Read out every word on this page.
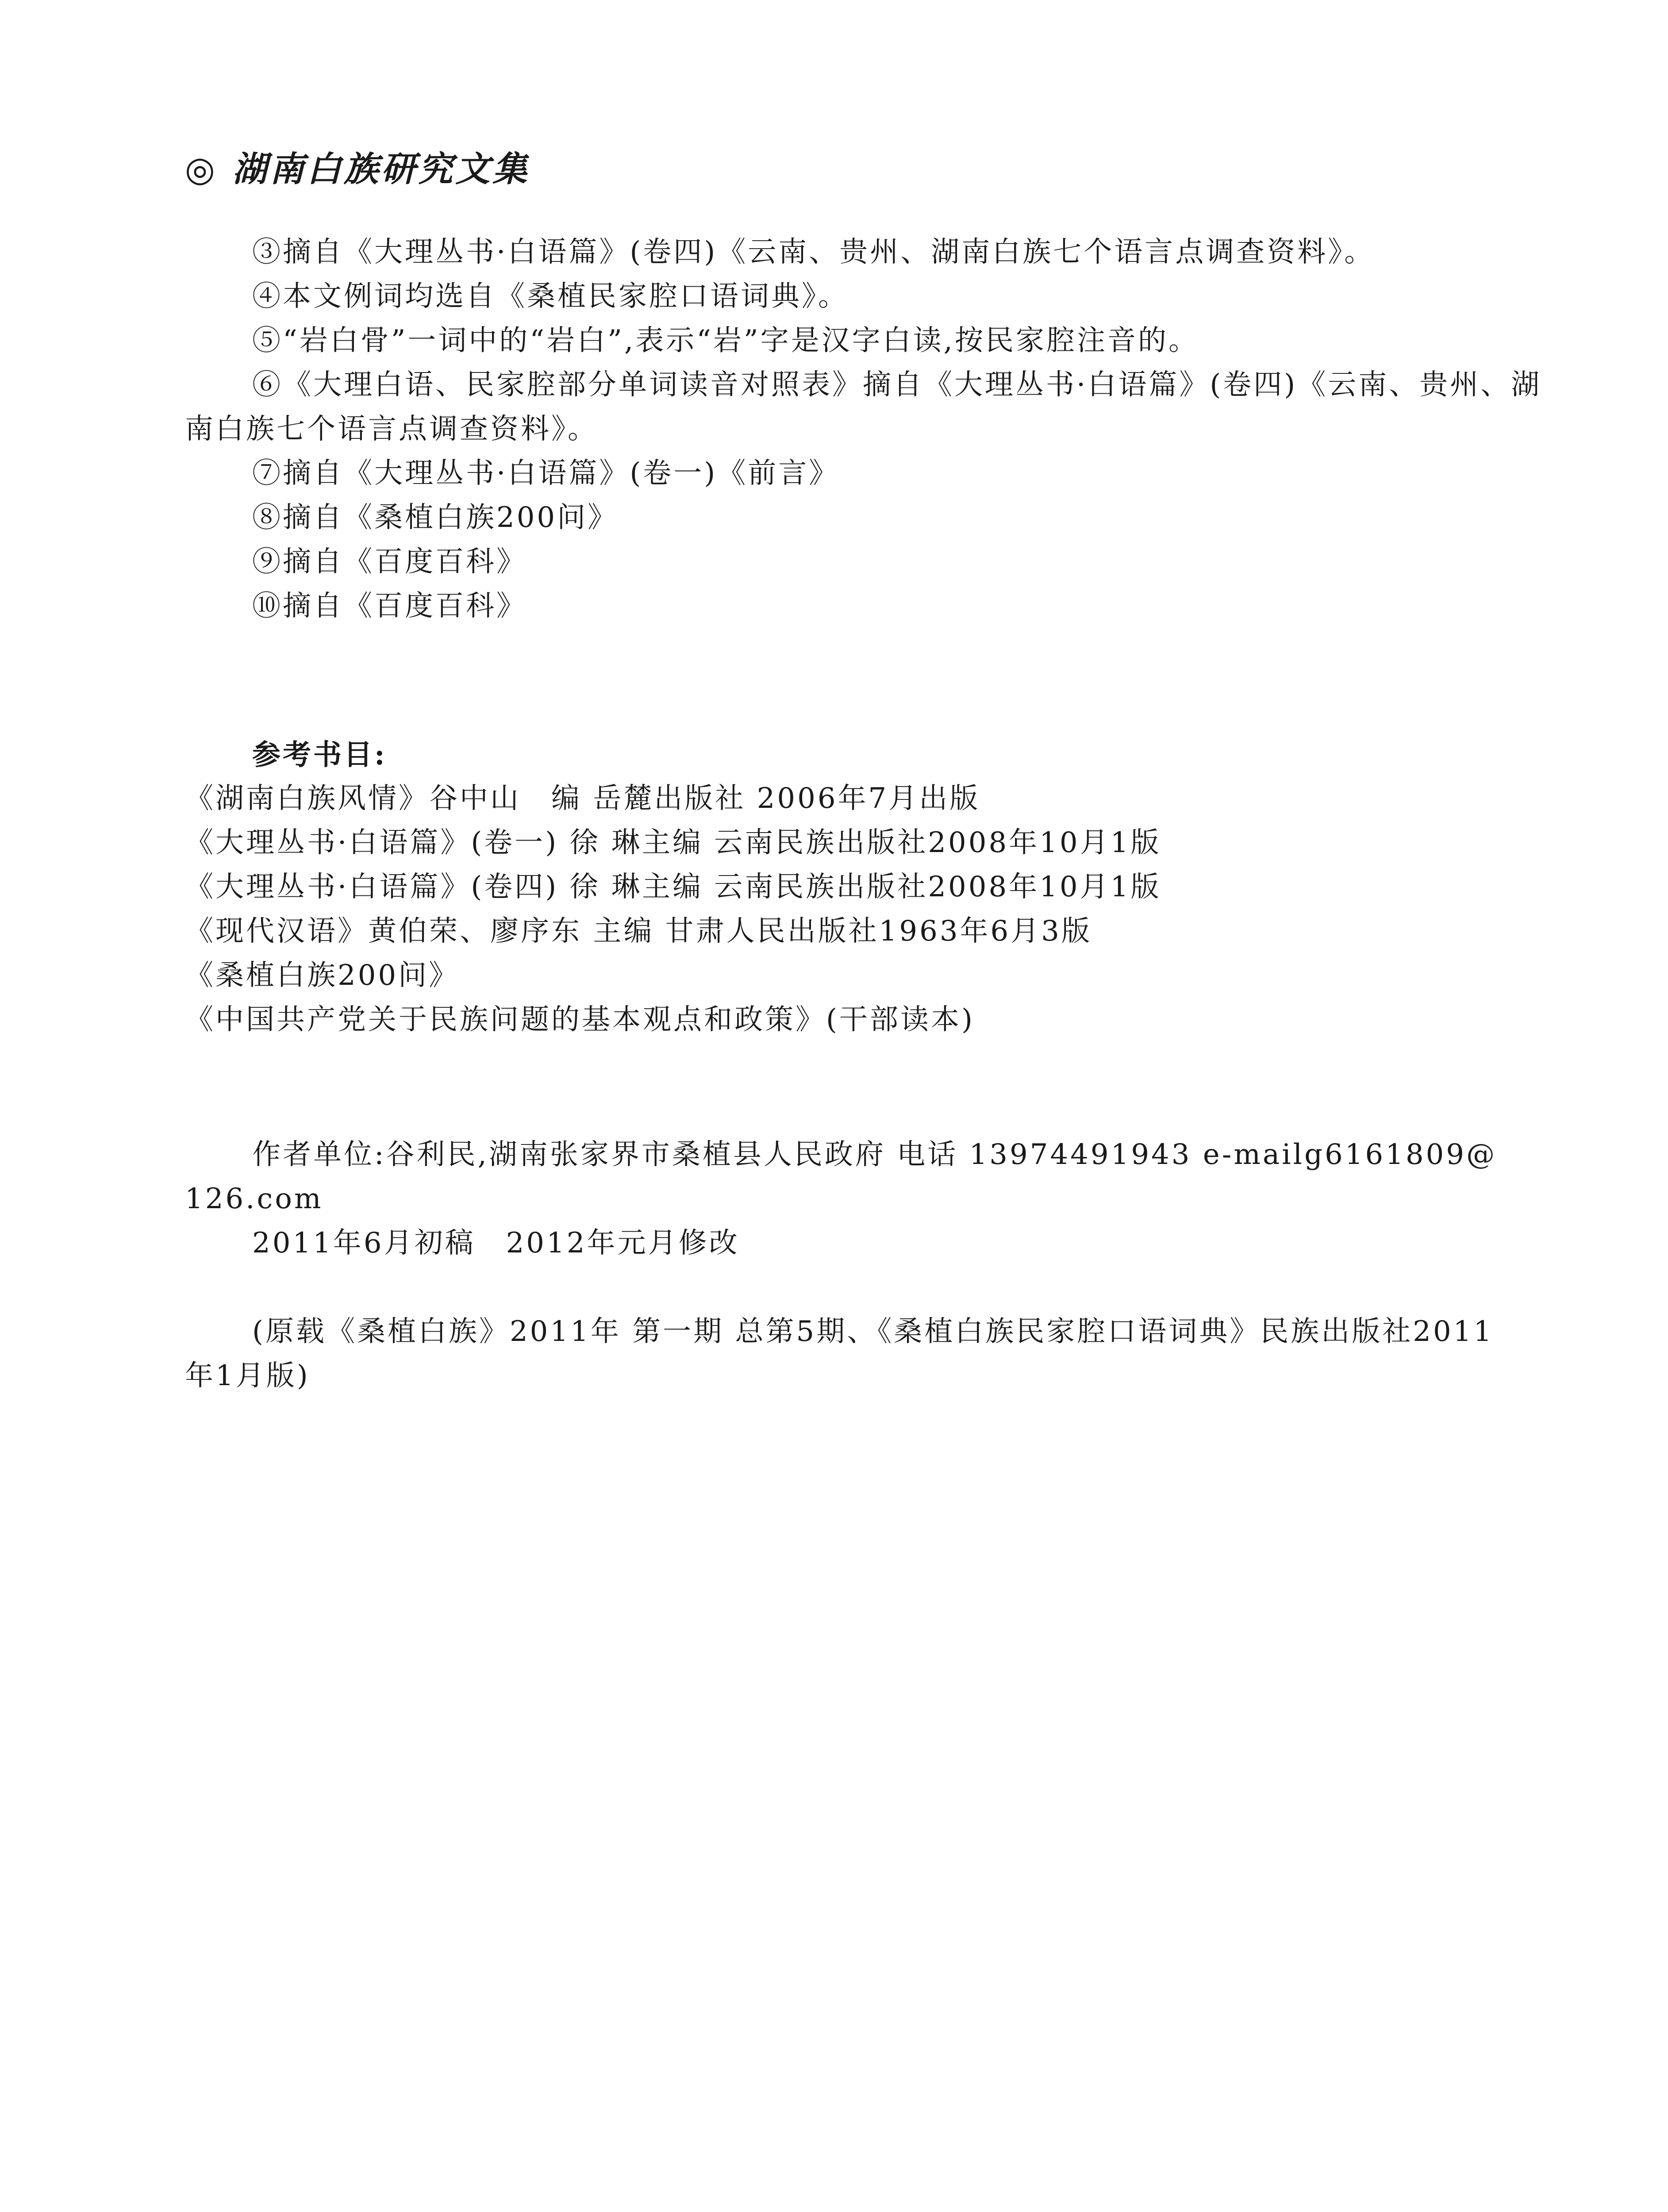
◎ 湖南白族研究文集
③摘自《大理丛书·白语篇》(卷四)《云南、贵州、湖南白族七个语言点调查资料》。
④本文例词均选自《桑植民家腔口语词典》。
⑤“岩白骨”一词中的“岩白”,表示“岩”字是汉字白读,按民家腔注音的。
⑥《大理白语、民家腔部分单词读音对照表》摘自《大理丛书·白语篇》(卷四)《云南、贵州、湖
南白族七个语言点调查资料》。
⑦摘自《大理丛书·白语篇》(卷一)《前言》
⑧摘自《桑植白族200问》
⑨摘自《百度百科》
⑩摘自《百度百科》
参考书目:
《湖南白族风情》谷中山　编 岳麓出版社 2006年7月出版
《大理丛书·白语篇》(卷一) 徐 琳主编 云南民族出版社2008年10月1版
《大理丛书·白语篇》(卷四) 徐 琳主编 云南民族出版社2008年10月1版
《现代汉语》黄伯荣、廖序东 主编 甘肃人民出版社1963年6月3版
《桑植白族200问》
《中国共产党关于民族问题的基本观点和政策》(干部读本)
作者单位:谷利民,湖南张家界市桑植县人民政府 电话 13974491943 e-mailg6161809@
126.com
2011年6月初稿　2012年元月修改
(原载《桑植白族》2011年 第一期 总第5期、《桑植白族民家腔口语词典》民族出版社2011
年1月版)
